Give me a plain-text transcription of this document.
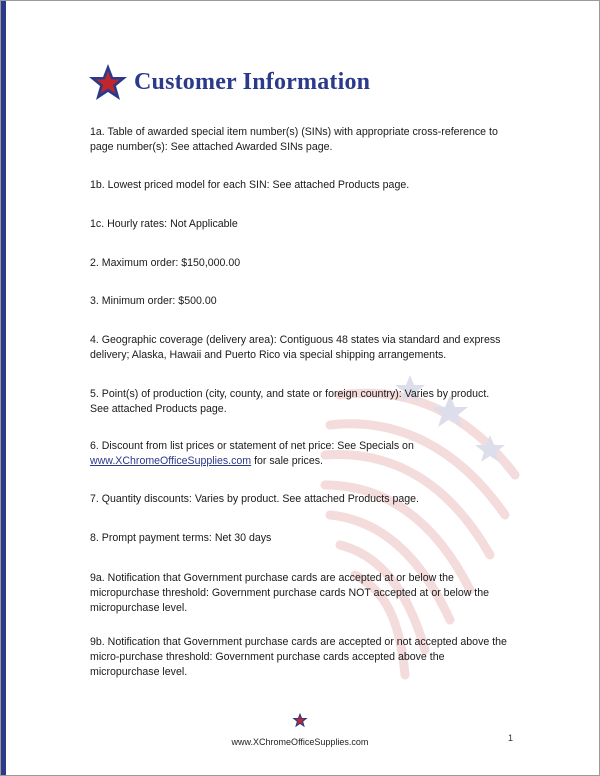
Customer Information

1a. Table of awarded special item number(s) (SINs) with appropriate cross-reference to page number(s): See attached Awarded SINs page.

1b. Lowest priced model for each SIN: See attached Products page.

1c. Hourly rates: Not Applicable

2. Maximum order: $150,000.00

3. Minimum order: $500.00

4. Geographic coverage (delivery area): Contiguous 48 states via standard and express delivery; Alaska, Hawaii and Puerto Rico via special shipping arrangements.

5. Point(s) of production (city, county, and state or foreign country): Varies by product. See attached Products page.

6. Discount from list prices or statement of net price: See Specials on www.XChromeOfficeSupplies.com for sale prices.

7. Quantity discounts: Varies by product. See attached Products page.

8. Prompt payment terms: Net 30 days

9a. Notification that Government purchase cards are accepted at or below the micropurchase threshold: Government purchase cards NOT accepted at or below the micropurchase level.

9b. Notification that Government purchase cards are accepted or not accepted above the micro-purchase threshold: Government purchase cards accepted above the micropurchase level.

1
www.XChromeOfficeSupplies.com
